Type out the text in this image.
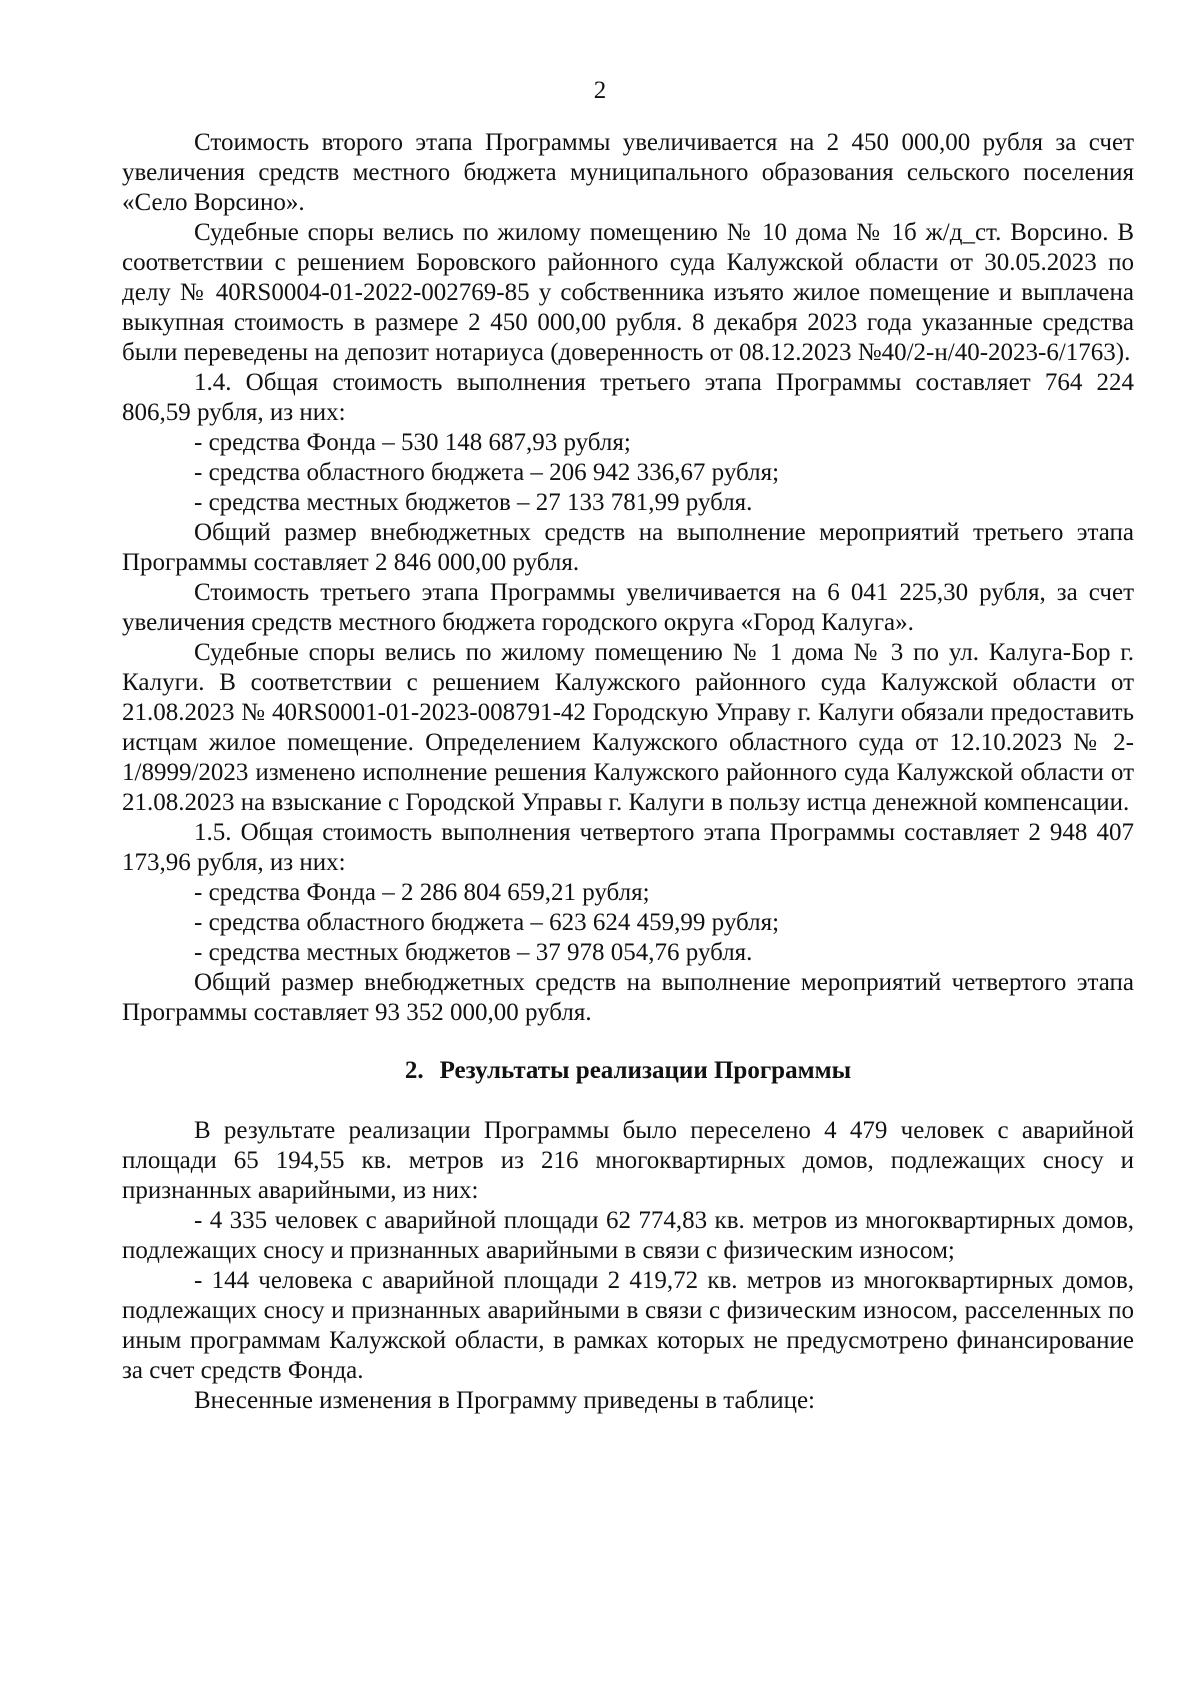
2

Стоимость второго этапа Программы увеличивается на 2 450 000,00 рубля за счет увеличения средств местного бюджета муниципального образования сельского поселения «Село Ворсино».

Судебные споры велись по жилому помещению № 10 дома № 1б ж/д_ст. Ворсино. В соответствии с решением Боровского районного суда Калужской области от 30.05.2023 по делу № 40RS0004-01-2022-002769-85 у собственника изъято жилое помещение и выплачена выкупная стоимость в размере 2 450 000,00 рубля. 8 декабря 2023 года указанные средства были переведены на депозит нотариуса (доверенность от 08.12.2023 №40/2-н/40-2023-6/1763).

1.4. Общая стоимость выполнения третьего этапа Программы составляет 764 224 806,59 рубля, из них:

- средства Фонда – 530 148 687,93 рубля;

- средства областного бюджета – 206 942 336,67 рубля;

- средства местных бюджетов – 27 133 781,99 рубля.

Общий размер внебюджетных средств на выполнение мероприятий третьего этапа Программы составляет 2 846 000,00 рубля.

Стоимость третьего этапа Программы увеличивается на 6 041 225,30 рубля, за счет увеличения средств местного бюджета городского округа «Город Калуга».

Судебные споры велись по жилому помещению № 1 дома № 3 по ул. Калуга-Бор г. Калуги. В соответствии с решением Калужского районного суда Калужской области от 21.08.2023 № 40RS0001-01-2023-008791-42 Городскую Управу г. Калуги обязали предоставить истцам жилое помещение. Определением Калужского областного суда от 12.10.2023 № 2-1/8999/2023 изменено исполнение решения Калужского районного суда Калужской области от 21.08.2023 на взыскание с Городской Управы г. Калуги в пользу истца денежной компенсации.

1.5. Общая стоимость выполнения четвертого этапа Программы составляет 2 948 407 173,96 рубля, из них:

- средства Фонда – 2 286 804 659,21 рубля;

- средства областного бюджета – 623 624 459,99 рубля;

- средства местных бюджетов – 37 978 054,76 рубля.

Общий размер внебюджетных средств на выполнение мероприятий четвертого этапа Программы составляет 93 352 000,00 рубля.

2. Результаты реализации Программы

В результате реализации Программы было переселено 4 479 человек с аварийной площади 65 194,55 кв. метров из 216 многоквартирных домов, подлежащих сносу и признанных аварийными, из них:

- 4 335 человек с аварийной площади 62 774,83 кв. метров из многоквартирных домов, подлежащих сносу и признанных аварийными в связи с физическим износом;

- 144 человека с аварийной площади 2 419,72 кв. метров из многоквартирных домов, подлежащих сносу и признанных аварийными в связи с физическим износом, расселенных по иным программам Калужской области, в рамках которых не предусмотрено финансирование за счет средств Фонда.

Внесенные изменения в Программу приведены в таблице:
